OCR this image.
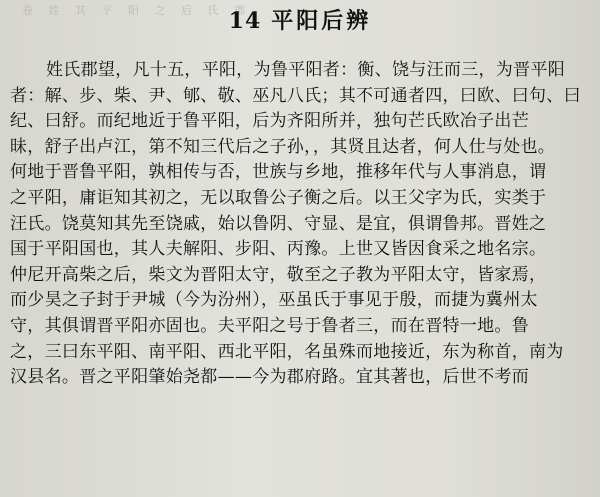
卷 姓 其 平 阳 之 后 氏 郡
14 平阳后辨
姓氏郡望，凡十五，平阳，为鲁平阳者：衡、饶与汪而三，为晋平阳
者：解、步、柴、尹、郇、敬、巫凡八氏；其不可通者四，曰欧、曰句、曰
纪、曰舒。而纪地近于鲁平阳，后为齐阳所并，独句芒氏欧冶子出芒
昧，舒子出卢江，第不知三代后之子孙，，其贤且达者，何人仕与处也。
何地于晋鲁平阳，孰相传与否，世族与乡地，推移年代与人事消息，谓
之平阳，庸讵知其初之，无以取鲁公子衡之后。以王父字为氏，实类于
汪氏。饶莫知其先至饶戚，始以鲁阴、守显、是宜，俱谓鲁邦。晋姓之
国于平阳国也，其人夫解阳、步阳、丙豫。上世又皆因食采之地名宗。
仲尼开高柴之后，柴文为晋阳太守，敬至之子教为平阳太守，皆家焉，
而少昊之子封于尹城（今为汾州），巫虽氏于事见于殷，而捷为冀州太
守，其俱谓晋平阳亦固也。夫平阳之号于鲁者三，而在晋特一地。鲁
之，三曰东平阳、南平阳、西北平阳，名虽殊而地接近，东为称首，南为
汉县名。晋之平阳肇始尧都——今为郡府路。宜其著也，后世不考而
